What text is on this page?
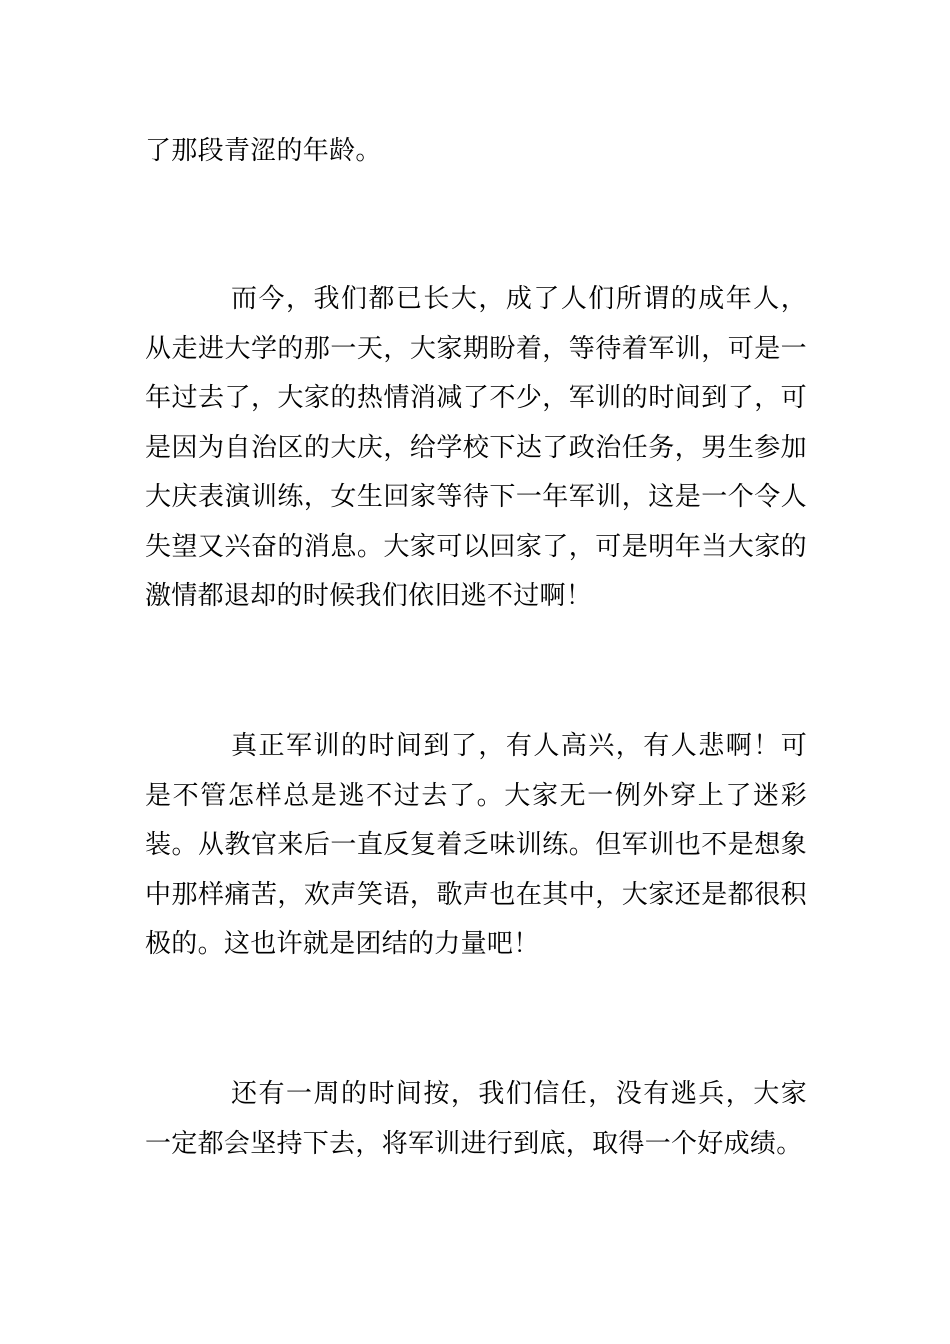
了那段青涩的年龄。

而今，我们都已长大，成了人们所谓的成年人，从走进大学的那一天，大家期盼着，等待着军训，可是一年过去了，大家的热情消减了不少，军训的时间到了，可是因为自治区的大庆，给学校下达了政治任务，男生参加大庆表演训练，女生回家等待下一年军训，这是一个令人失望又兴奋的消息。大家可以回家了，可是明年当大家的激情都退却的时候我们依旧逃不过啊！

真正军训的时间到了，有人高兴，有人悲啊！可是不管怎样总是逃不过去了。大家无一例外穿上了迷彩装。从教官来后一直反复着乏味训练。但军训也不是想象中那样痛苦，欢声笑语，歌声也在其中，大家还是都很积极的。这也许就是团结的力量吧！

还有一周的时间按，我们信任，没有逃兵，大家一定都会坚持下去，将军训进行到底，取得一个好成绩。
